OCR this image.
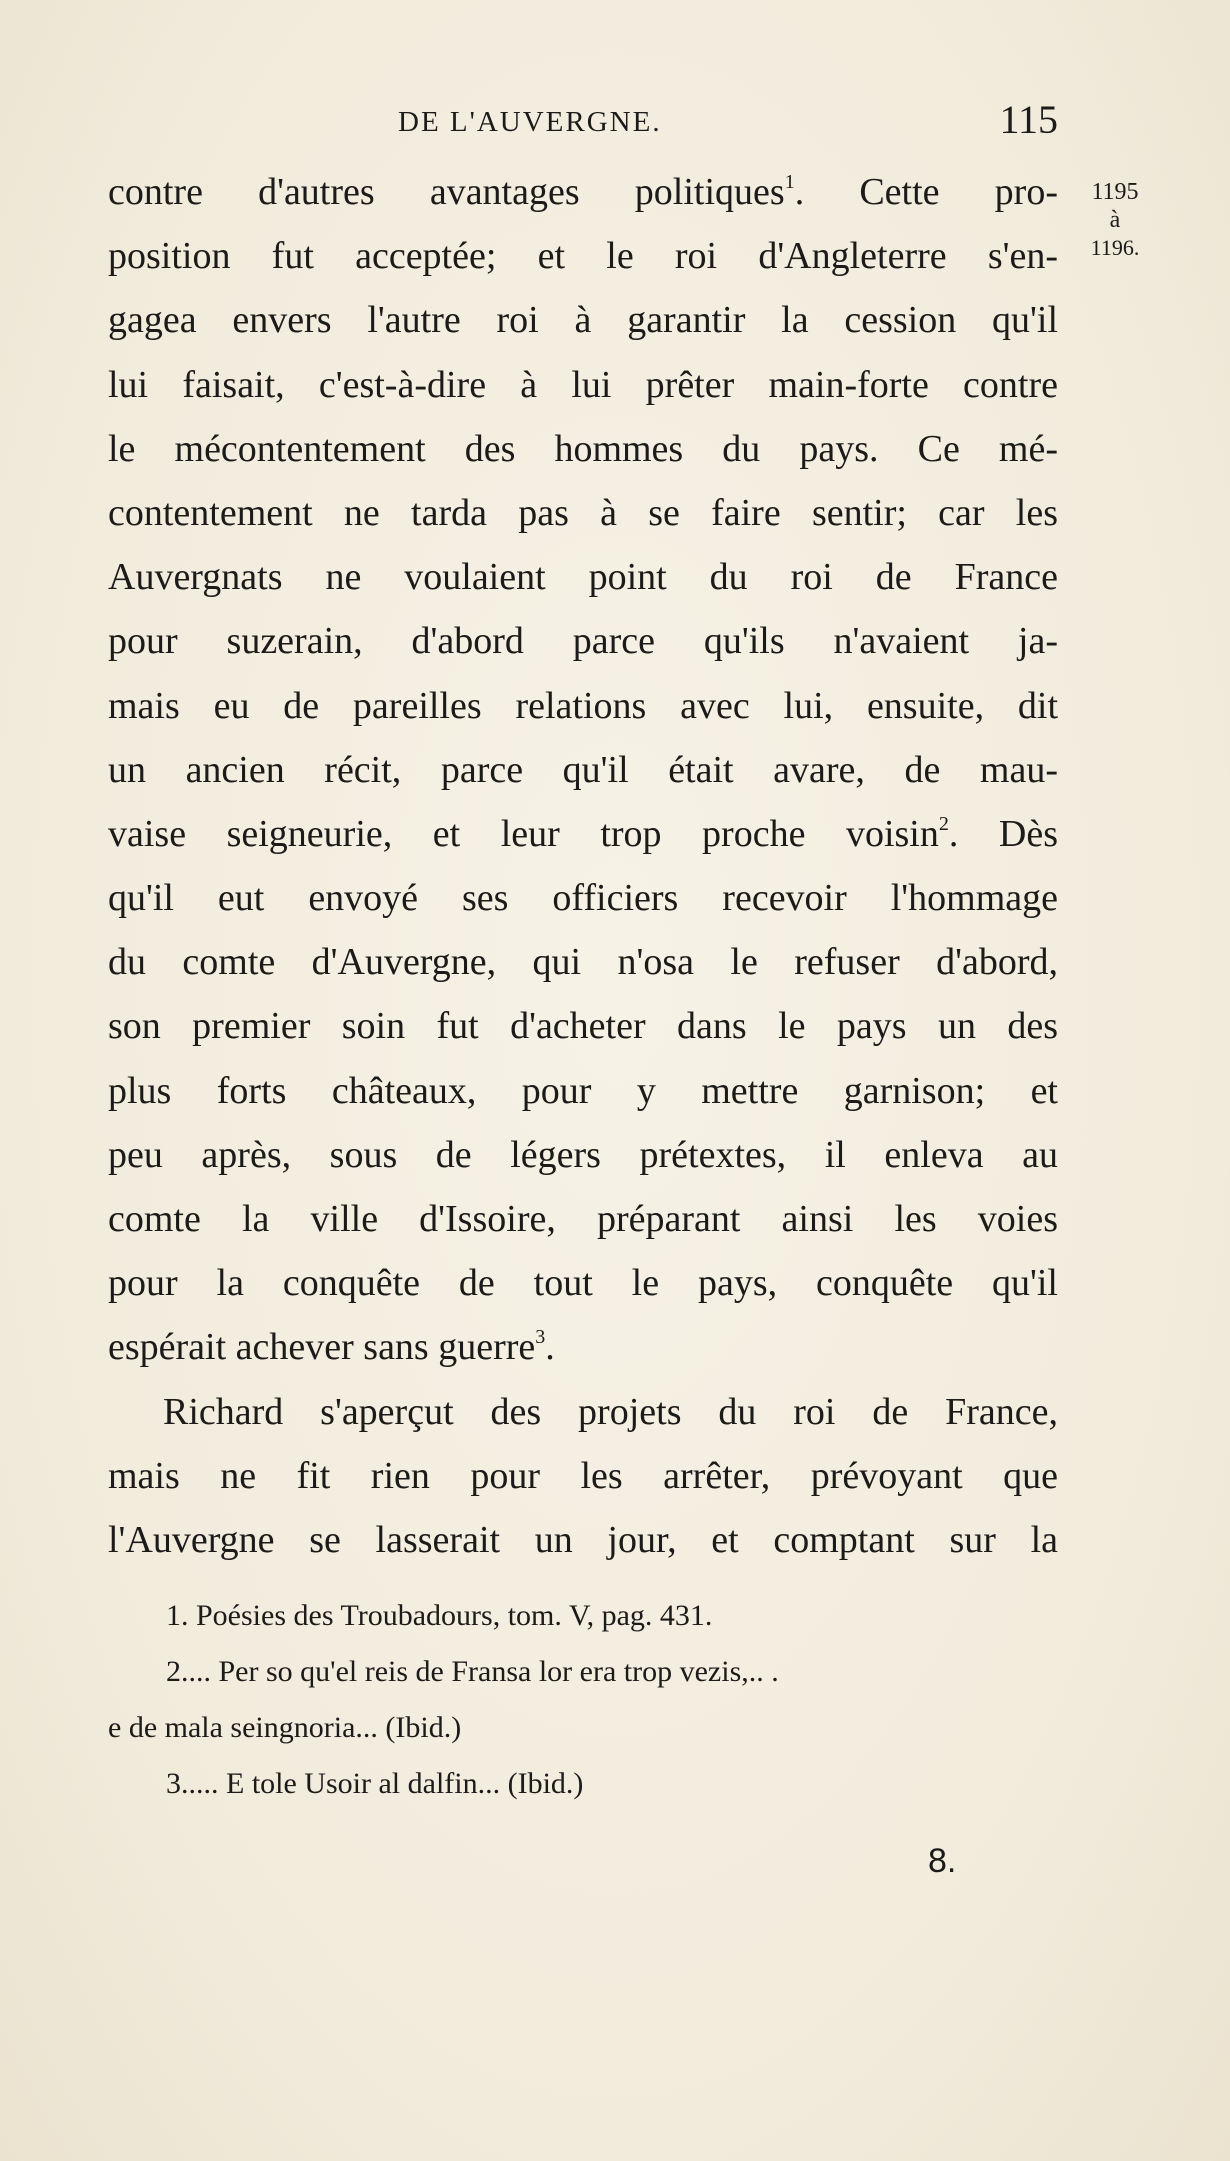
DE L'AUVERGNE.	115
1195
à
1196.
contre d'autres avantages politiques$^1$. Cette pro-
position fut acceptée; et le roi d'Angleterre s'en-
gagea envers l'autre roi à garantir la cession qu'il
lui faisait, c'est-à-dire à lui prêter main-forte contre
le mécontentement des hommes du pays. Ce mé-
contentement ne tarda pas à se faire sentir; car les
Auvergnats ne voulaient point du roi de France
pour suzerain, d'abord parce qu'ils n'avaient ja-
mais eu de pareilles relations avec lui, ensuite, dit
un ancien récit, parce qu'il était avare, de mau-
vaise seigneurie, et leur trop proche voisin$^2$. Dès
qu'il eut envoyé ses officiers recevoir l'hommage
du comte d'Auvergne, qui n'osa le refuser d'abord,
son premier soin fut d'acheter dans le pays un des
plus forts châteaux, pour y mettre garnison; et
peu après, sous de légers prétextes, il enleva au
comte la ville d'Issoire, préparant ainsi les voies
pour la conquête de tout le pays, conquête qu'il
espérait achever sans guerre$^3$.
Richard s'aperçut des projets du roi de France,
mais ne fit rien pour les arrêter, prévoyant que
l'Auvergne se lasserait un jour, et comptant sur la
1. Poésies des Troubadours, tom. V, pag. 431.
2.... Per so qu'el reis de Fransa lor era trop vezis,.. .
e de mala seingnoria... (Ibid.)
3..... E tole Usoir al dalfin... (Ibid.)
8.
